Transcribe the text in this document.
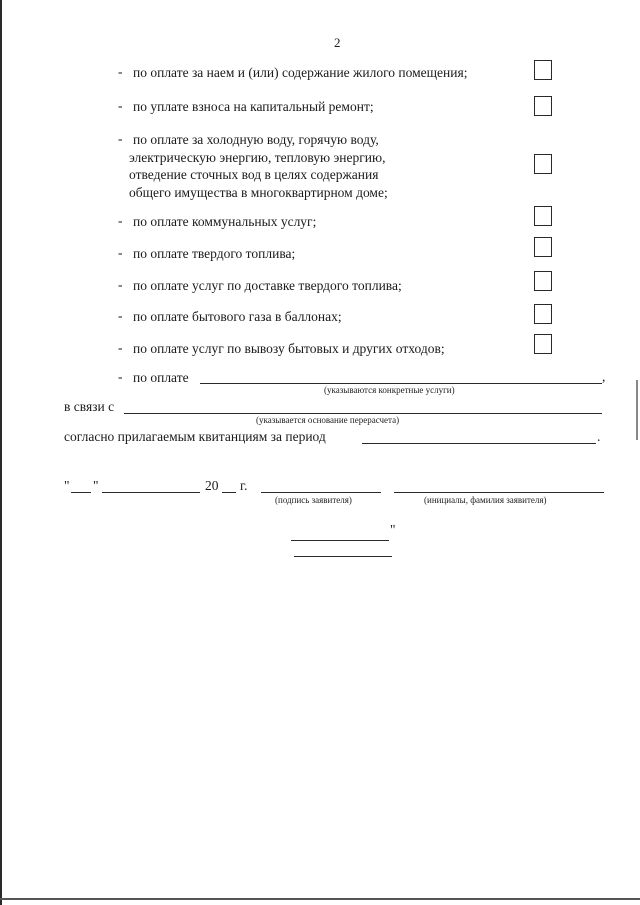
2
- по оплате за наем и (или) содержание жилого помещения;
- по уплате взноса на капитальный ремонт;
- по оплате за холодную воду, горячую воду,
электрическую энергию, тепловую энергию,
отведение сточных вод в целях содержания
общего имущества в многоквартирном доме;
- по оплате коммунальных услуг;
- по оплате твердого топлива;
- по оплате услуг по доставке твердого топлива;
- по оплате бытового газа в баллонах;
- по оплате услуг по вывозу бытовых и других отходов;
- по оплате	,
(указываются конкретные услуги)
в связи с
(указывается основание перерасчета)
согласно прилагаемым квитанциям за период	.
" "	20 г.
(подпись заявителя)	(инициалы, фамилия заявителя)
"
